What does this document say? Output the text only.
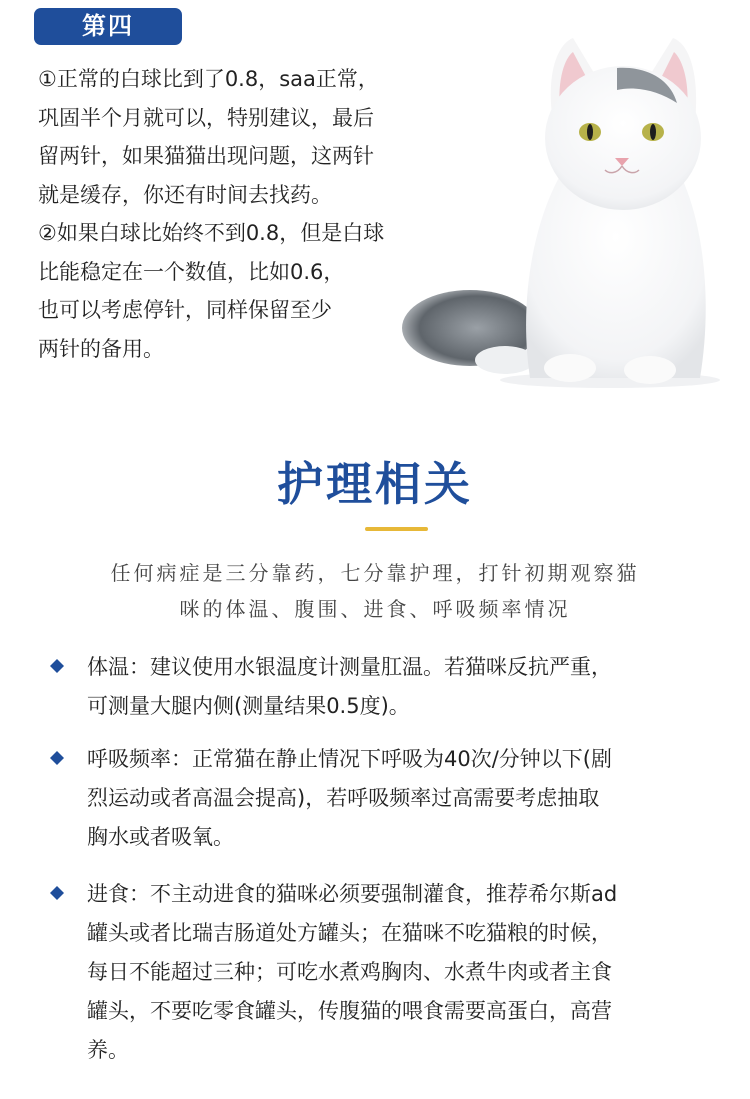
第四

①正常的白球比到了0.8，saa正常，

巩固半个月就可以，特别建议，最后

留两针，如果猫猫出现问题，这两针

就是缓存，你还有时间去找药。

②如果白球比始终不到0.8，但是白球

比能稳定在一个数值，比如0.6，

也可以考虑停针，同样保留至少

两针的备用。

护理相关

任何病症是三分靠药，七分靠护理，打针初期观察猫

咪的体温、腹围、进食、呼吸频率情况

体温：建议使用水银温度计测量肛温。若猫咪反抗严重，

可测量大腿内侧(测量结果0.5度)。

呼吸频率：正常猫在静止情况下呼吸为40次/分钟以下(剧

烈运动或者高温会提高)，若呼吸频率过高需要考虑抽取

胸水或者吸氧。

进食：不主动进食的猫咪必须要强制灌食，推荐希尔斯ad

罐头或者比瑞吉肠道处方罐头；在猫咪不吃猫粮的时候，

每日不能超过三种；可吃水煮鸡胸肉、水煮牛肉或者主食

罐头，不要吃零食罐头，传腹猫的喂食需要高蛋白，高营

养。
